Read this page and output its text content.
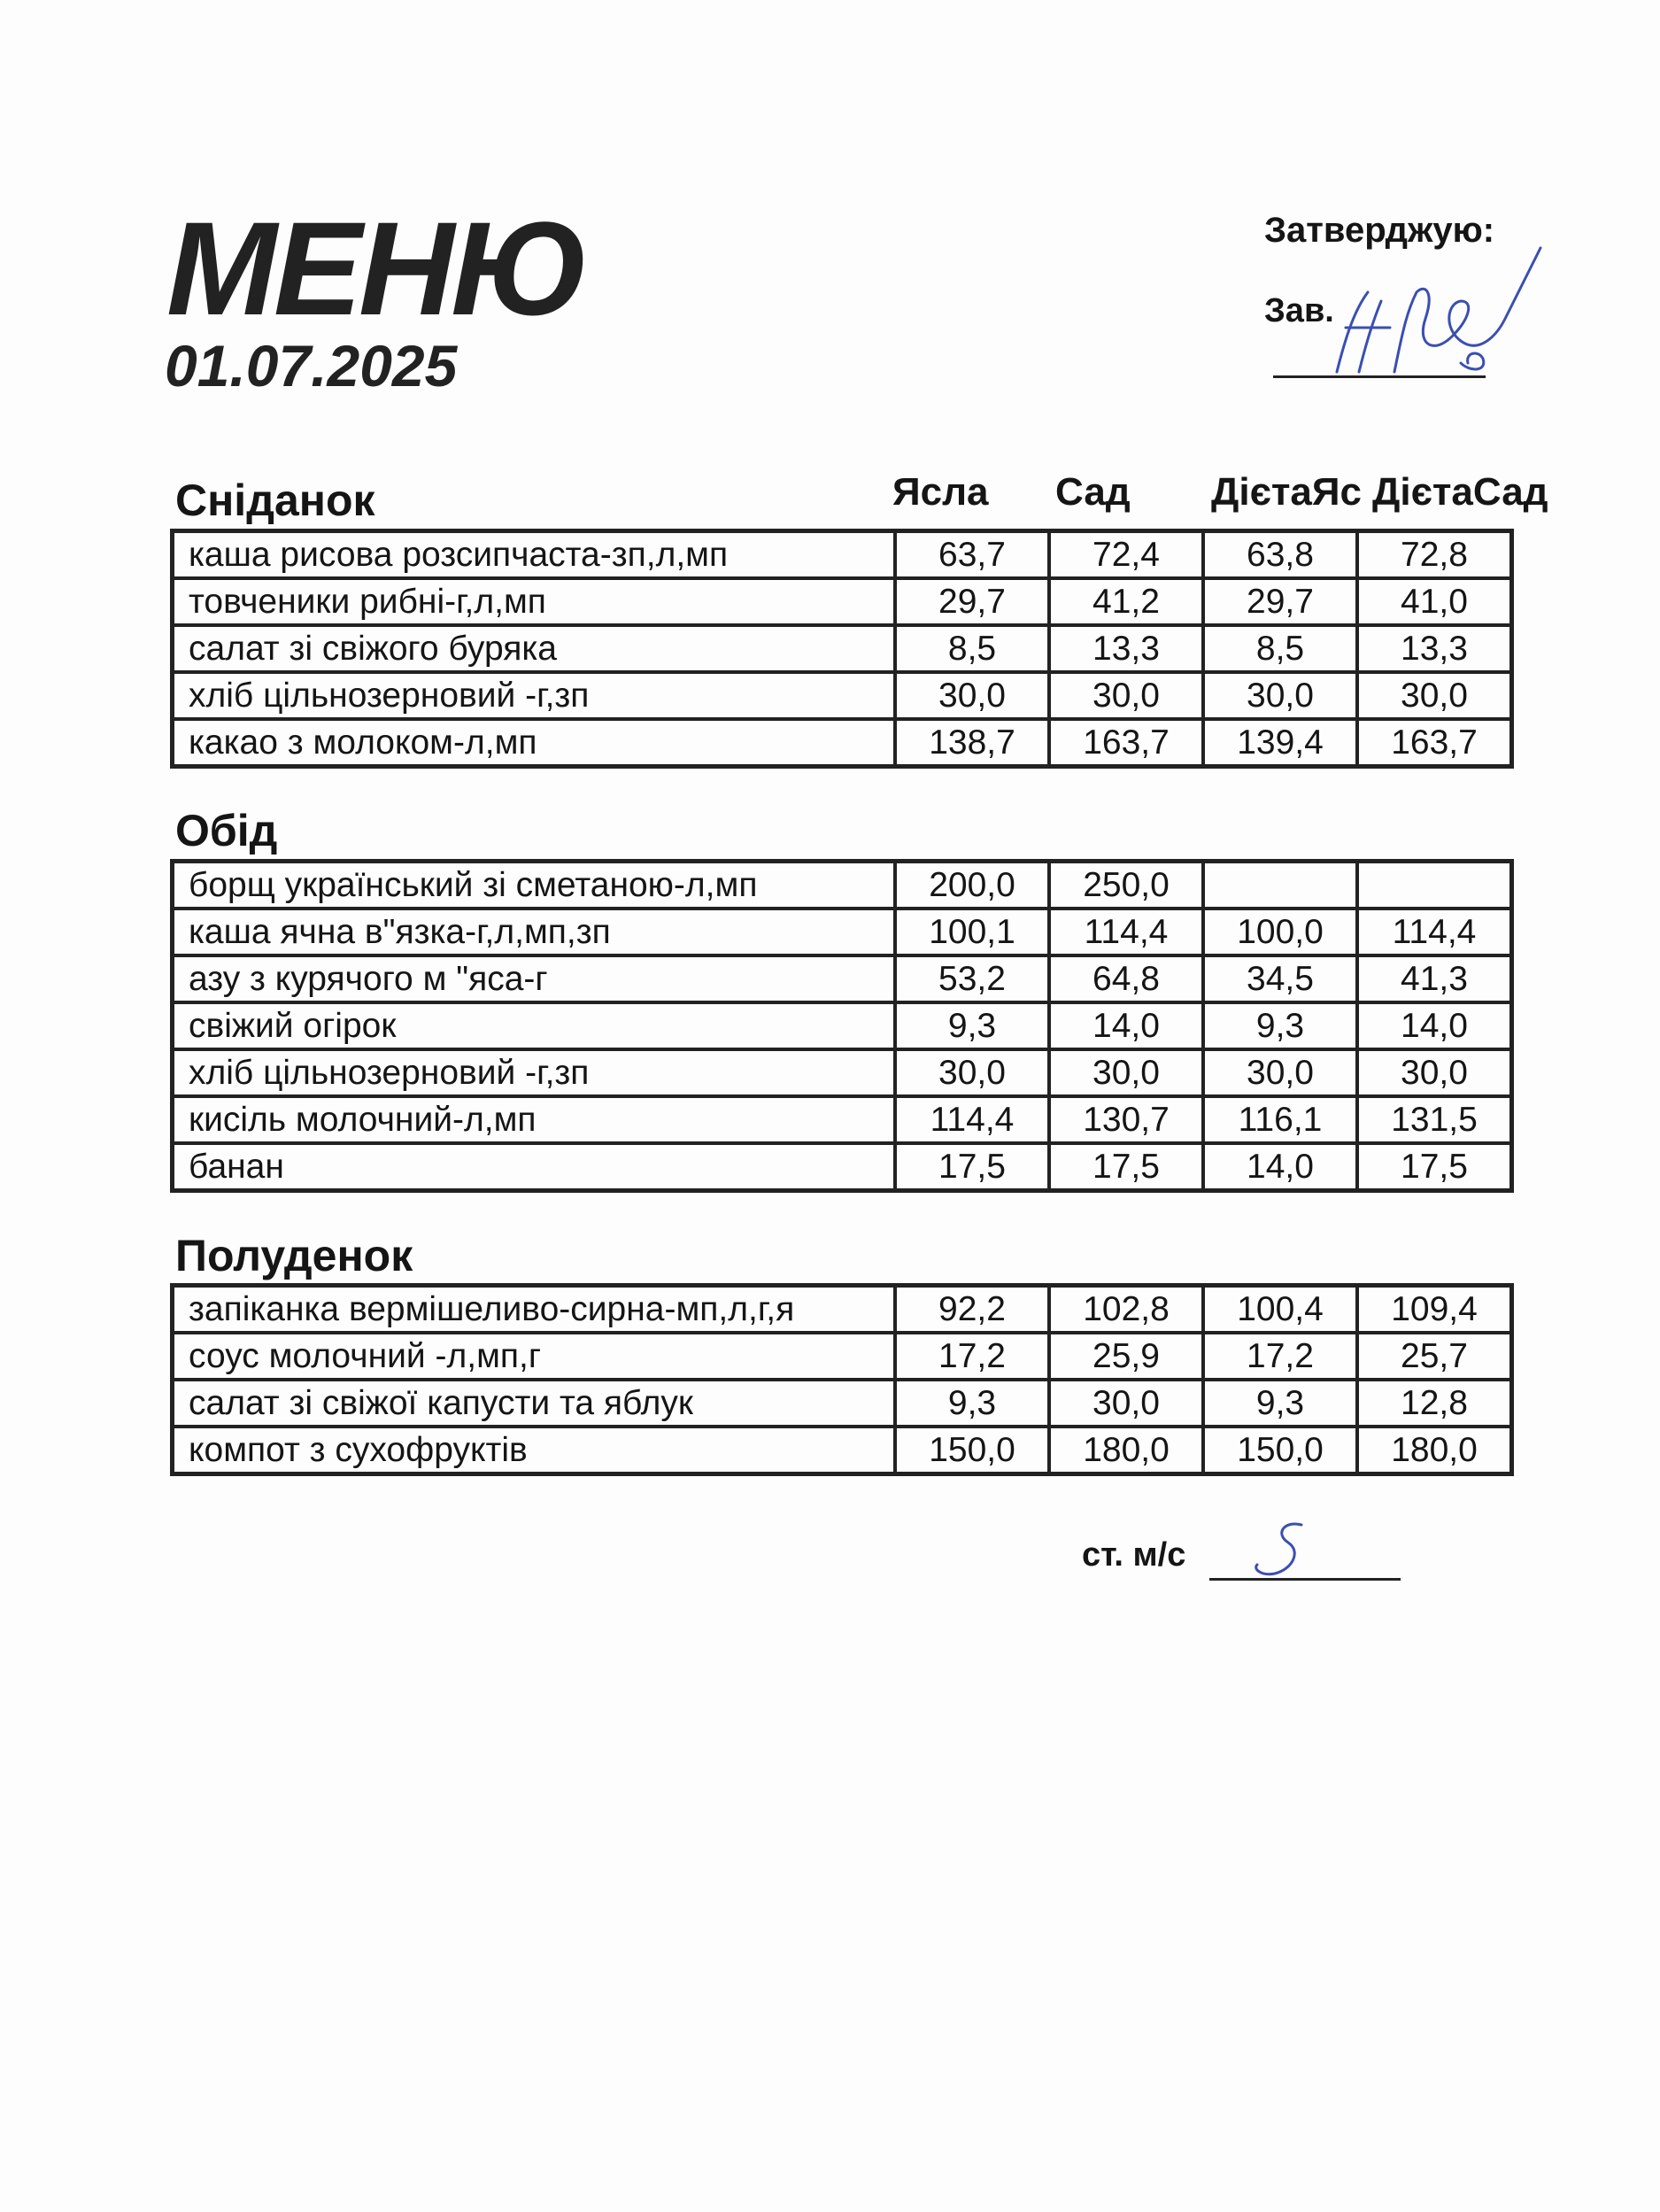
МЕНЮ
01.07.2025
Затверджую:
Зав.
Ясла Сад ДієтаЯс ДієтаСад
Сніданок
каша рисова розсипчаста-зп,л,мп	63,7	72,4	63,8	72,8
товченики рибні-г,л,мп	29,7	41,2	29,7	41,0
салат зі свіжого буряка	8,5	13,3	8,5	13,3
хліб цільнозерновий -г,зп	30,0	30,0	30,0	30,0
какао з молоком-л,мп	138,7	163,7	139,4	163,7
Обід
борщ український зі сметаною-л,мп	200,0	250,0		
каша ячна в"язка-г,л,мп,зп	100,1	114,4	100,0	114,4
азу з курячого м "яса-г	53,2	64,8	34,5	41,3
свіжий огірок	9,3	14,0	9,3	14,0
хліб цільнозерновий -г,зп	30,0	30,0	30,0	30,0
кисіль молочний-л,мп	114,4	130,7	116,1	131,5
банан	17,5	17,5	14,0	17,5
Полуденок
запіканка вермішеливо-сирна-мп,л,г,я	92,2	102,8	100,4	109,4
соус молочний -л,мп,г	17,2	25,9	17,2	25,7
салат зі свіжої капусти та яблук	9,3	30,0	9,3	12,8
компот з сухофруктів	150,0	180,0	150,0	180,0
ст. м/с
